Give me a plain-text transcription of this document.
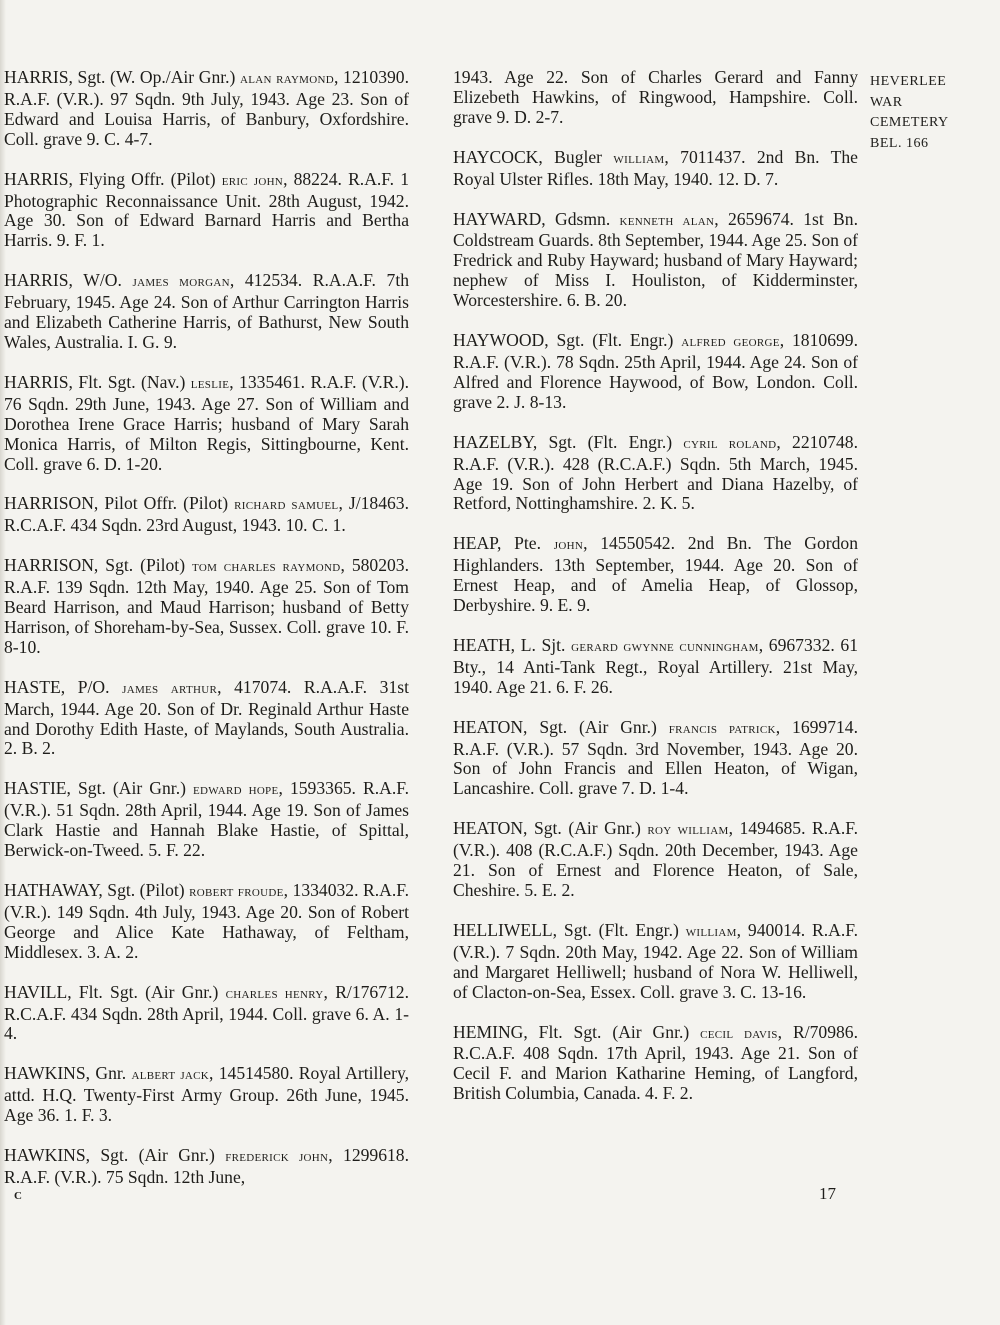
HARRIS, Sgt. (W. Op./Air Gnr.) alan raymond, 1210390. R.A.F. (V.R.). 97 Sqdn. 9th July, 1943. Age 23. Son of Edward and Louisa Harris, of Banbury, Oxfordshire. Coll. grave 9. C. 4-7.

HARRIS, Flying Offr. (Pilot) eric john, 88224. R.A.F. 1 Photographic Reconnaissance Unit. 28th August, 1942. Age 30. Son of Edward Barnard Harris and Bertha Harris. 9. F. 1.

HARRIS, W/O. james morgan, 412534. R.A.A.F. 7th February, 1945. Age 24. Son of Arthur Carrington Harris and Elizabeth Catherine Harris, of Bathurst, New South Wales, Australia. I. G. 9.

HARRIS, Flt. Sgt. (Nav.) leslie, 1335461. R.A.F. (V.R.). 76 Sqdn. 29th June, 1943. Age 27. Son of William and Dorothea Irene Grace Harris; husband of Mary Sarah Monica Harris, of Milton Regis, Sittingbourne, Kent. Coll. grave 6. D. 1-20.

HARRISON, Pilot Offr. (Pilot) richard samuel, J/18463. R.C.A.F. 434 Sqdn. 23rd August, 1943. 10. C. 1.

HARRISON, Sgt. (Pilot) tom charles raymond, 580203. R.A.F. 139 Sqdn. 12th May, 1940. Age 25. Son of Tom Beard Harrison, and Maud Harrison; husband of Betty Harrison, of Shoreham-by-Sea, Sussex. Coll. grave 10. F. 8-10.

HASTE, P/O. james arthur, 417074. R.A.A.F. 31st March, 1944. Age 20. Son of Dr. Reginald Arthur Haste and Dorothy Edith Haste, of Maylands, South Australia. 2. B. 2.

HASTIE, Sgt. (Air Gnr.) edward hope, 1593365. R.A.F. (V.R.). 51 Sqdn. 28th April, 1944. Age 19. Son of James Clark Hastie and Hannah Blake Hastie, of Spittal, Berwick-on-Tweed. 5. F. 22.

HATHAWAY, Sgt. (Pilot) robert froude, 1334032. R.A.F. (V.R.). 149 Sqdn. 4th July, 1943. Age 20. Son of Robert George and Alice Kate Hathaway, of Feltham, Middlesex. 3. A. 2.

HAVILL, Flt. Sgt. (Air Gnr.) charles henry, R/176712. R.C.A.F. 434 Sqdn. 28th April, 1944. Coll. grave 6. A. 1-4.

HAWKINS, Gnr. albert jack, 14514580. Royal Artillery, attd. H.Q. Twenty-First Army Group. 26th June, 1945. Age 36. 1. F. 3.

HAWKINS, Sgt. (Air Gnr.) frederick john, 1299618. R.A.F. (V.R.). 75 Sqdn. 12th June,

1943. Age 22. Son of Charles Gerard and Fanny Elizebeth Hawkins, of Ringwood, Hampshire. Coll. grave 9. D. 2-7.

HAYCOCK, Bugler william, 7011437. 2nd Bn. The Royal Ulster Rifles. 18th May, 1940. 12. D. 7.

HAYWARD, Gdsmn. kenneth alan, 2659674. 1st Bn. Coldstream Guards. 8th September, 1944. Age 25. Son of Fredrick and Ruby Hayward; husband of Mary Hayward; nephew of Miss I. Houliston, of Kidderminster, Worcestershire. 6. B. 20.

HAYWOOD, Sgt. (Flt. Engr.) alfred george, 1810699. R.A.F. (V.R.). 78 Sqdn. 25th April, 1944. Age 24. Son of Alfred and Florence Haywood, of Bow, London. Coll. grave 2. J. 8-13.

HAZELBY, Sgt. (Flt. Engr.) cyril roland, 2210748. R.A.F. (V.R.). 428 (R.C.A.F.) Sqdn. 5th March, 1945. Age 19. Son of John Herbert and Diana Hazelby, of Retford, Nottinghamshire. 2. K. 5.

HEAP, Pte. john, 14550542. 2nd Bn. The Gordon Highlanders. 13th September, 1944. Age 20. Son of Ernest Heap, and of Amelia Heap, of Glossop, Derbyshire. 9. E. 9.

HEATH, L. Sjt. gerard gwynne cunningham, 6967332. 61 Bty., 14 Anti-Tank Regt., Royal Artillery. 21st May, 1940. Age 21. 6. F. 26.

HEATON, Sgt. (Air Gnr.) francis patrick, 1699714. R.A.F. (V.R.). 57 Sqdn. 3rd November, 1943. Age 20. Son of John Francis and Ellen Heaton, of Wigan, Lancashire. Coll. grave 7. D. 1-4.

HEATON, Sgt. (Air Gnr.) roy william, 1494685. R.A.F. (V.R.). 408 (R.C.A.F.) Sqdn. 20th December, 1943. Age 21. Son of Ernest and Florence Heaton, of Sale, Cheshire. 5. E. 2.

HELLIWELL, Sgt. (Flt. Engr.) william, 940014. R.A.F. (V.R.). 7 Sqdn. 20th May, 1942. Age 22. Son of William and Margaret Helliwell; husband of Nora W. Helliwell, of Clacton-on-Sea, Essex. Coll. grave 3. C. 13-16.

HEMING, Flt. Sgt. (Air Gnr.) cecil davis, R/70986. R.C.A.F. 408 Sqdn. 17th April, 1943. Age 21. Son of Cecil F. and Marion Katharine Heming, of Langford, British Columbia, Canada. 4. F. 2.

HEVERLEE
WAR
CEMETERY
BEL. 166
c	17
